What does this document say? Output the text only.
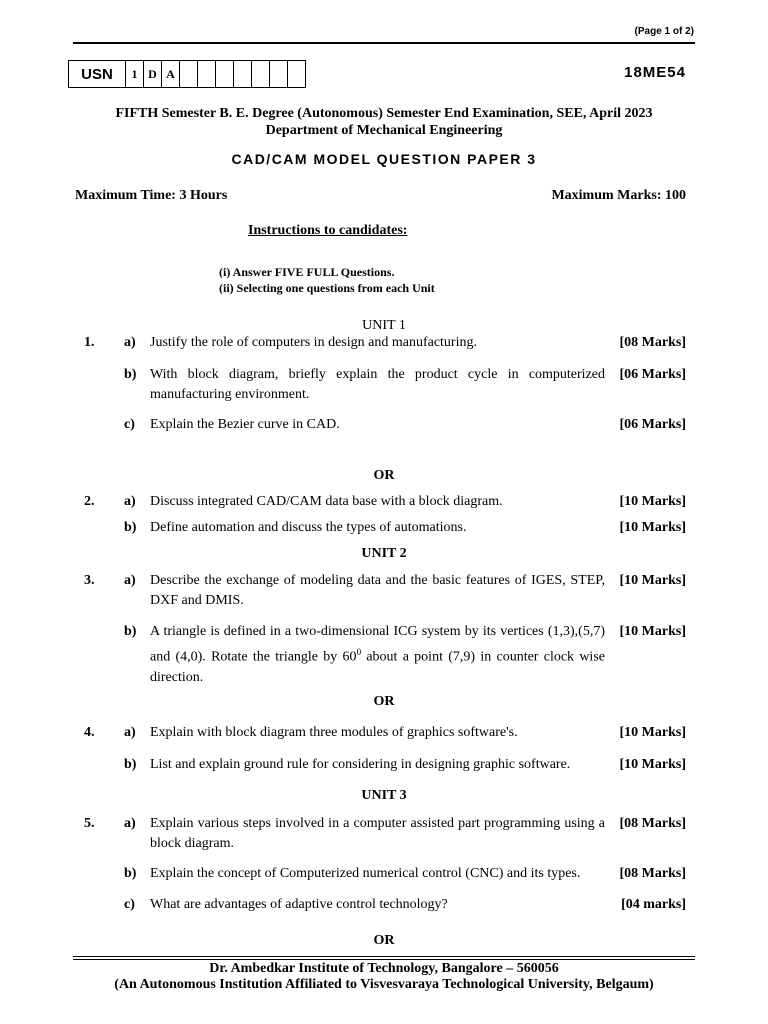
(Page 1 of 2)
USN	1 D A	18ME54
FIFTH Semester B. E. Degree (Autonomous) Semester End Examination, SEE, April 2023
Department of Mechanical Engineering
CAD/CAM MODEL QUESTION PAPER 3
Maximum Time: 3 Hours	Maximum Marks: 100
Instructions to candidates:
(i) Answer FIVE FULL Questions.
(ii) Selecting one questions from each Unit
UNIT 1
1. a) Justify the role of computers in design and manufacturing.	[08 Marks]
b) With block diagram, briefly explain the product cycle in computerized manufacturing environment.
[06 Marks]
c) Explain the Bezier curve in CAD.	[06 Marks]
OR
2. a) Discuss integrated CAD/CAM data base with a block diagram.	[10 Marks]
b) Define automation and discuss the types of automations.	[10 Marks]
UNIT 2
3. a) Describe the exchange of modeling data and the basic features of IGES, STEP, DXF and DMIS.
[10 Marks]
b) A triangle is defined in a two-dimensional ICG system by its vertices (1,3),(5,7) and (4,0). Rotate the triangle by $60^0$ about a point (7,9) in counter clock wise direction.
[10 Marks]
OR
4. a) Explain with block diagram three modules of graphics software's.	[10 Marks]
b) List and explain ground rule for considering in designing graphic software.	[10 Marks]
UNIT 3
5. a) Explain various steps involved in a computer assisted part programming using a block diagram.
[08 Marks]
b) Explain the concept of Computerized numerical control (CNC) and its types.	[08 Marks]
c) What are advantages of adaptive control technology?	[04 marks]
OR
Dr. Ambedkar Institute of Technology, Bangalore – 560056
(An Autonomous Institution Affiliated to Visvesvaraya Technological University, Belgaum)
